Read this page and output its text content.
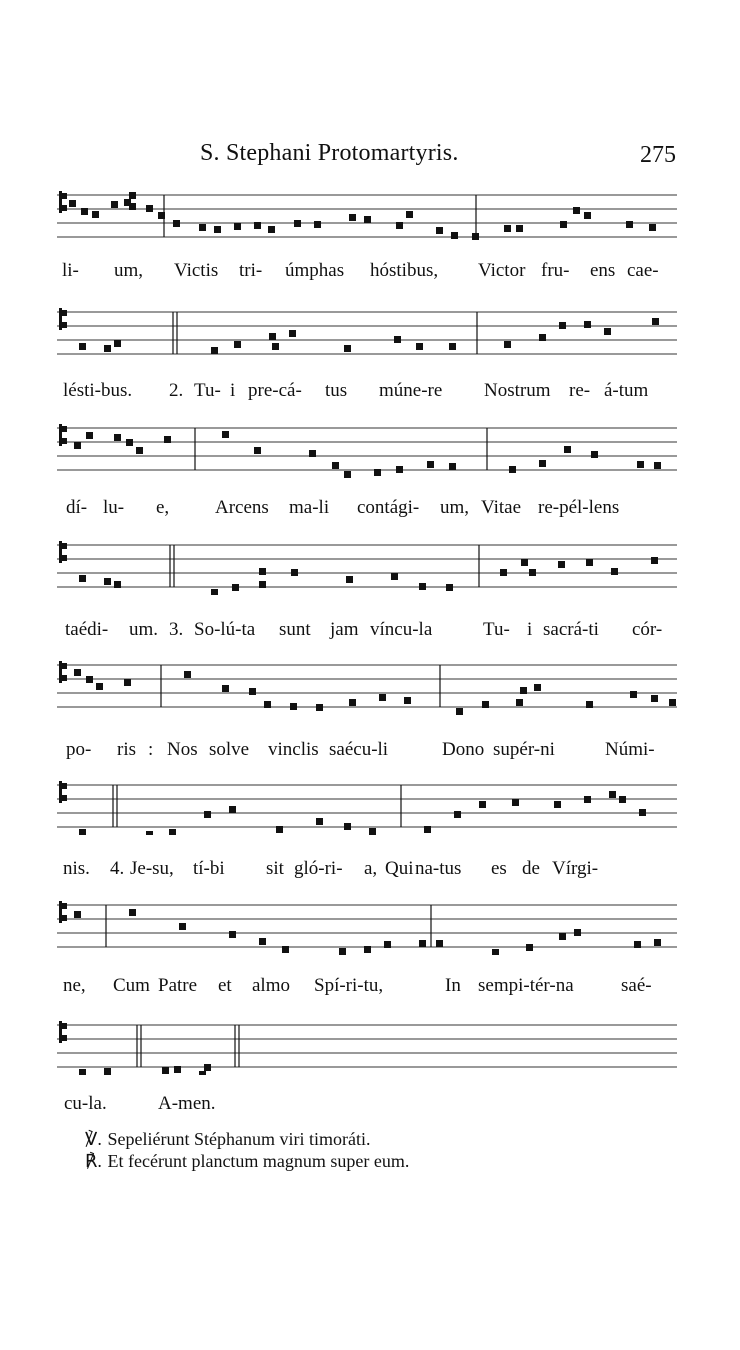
S. Stephani Protomartyris.	275
li- um, Victis tri- úmphas hóstibus, Victor fru- ens cae-
lésti-bus. 2. Tu- i pre-cá- tus múne-re Nostrum re- á-tum
dí- lu- e, Arcens ma-li contági- um, Vitae re-pél-lens
taédi- um. 3. So-lú-ta sunt jam víncu-la	Tu- i sacrá-ti cór-
po- ris : Nos solve vinclis saécu-li	Dono supér-ni	Númi-
nis. 4. Je-su, tí-bi sit gló-ri- a, Qui na-tus es de Vírgi-
ne, Cum Patre et almo Spí-ri-tu,	In sempi-tér-na saé-
cu-la.	A-men.
℣. Sepeliérunt Stéphanum viri timoráti.
℟. Et fecérunt planctum magnum super eum.
